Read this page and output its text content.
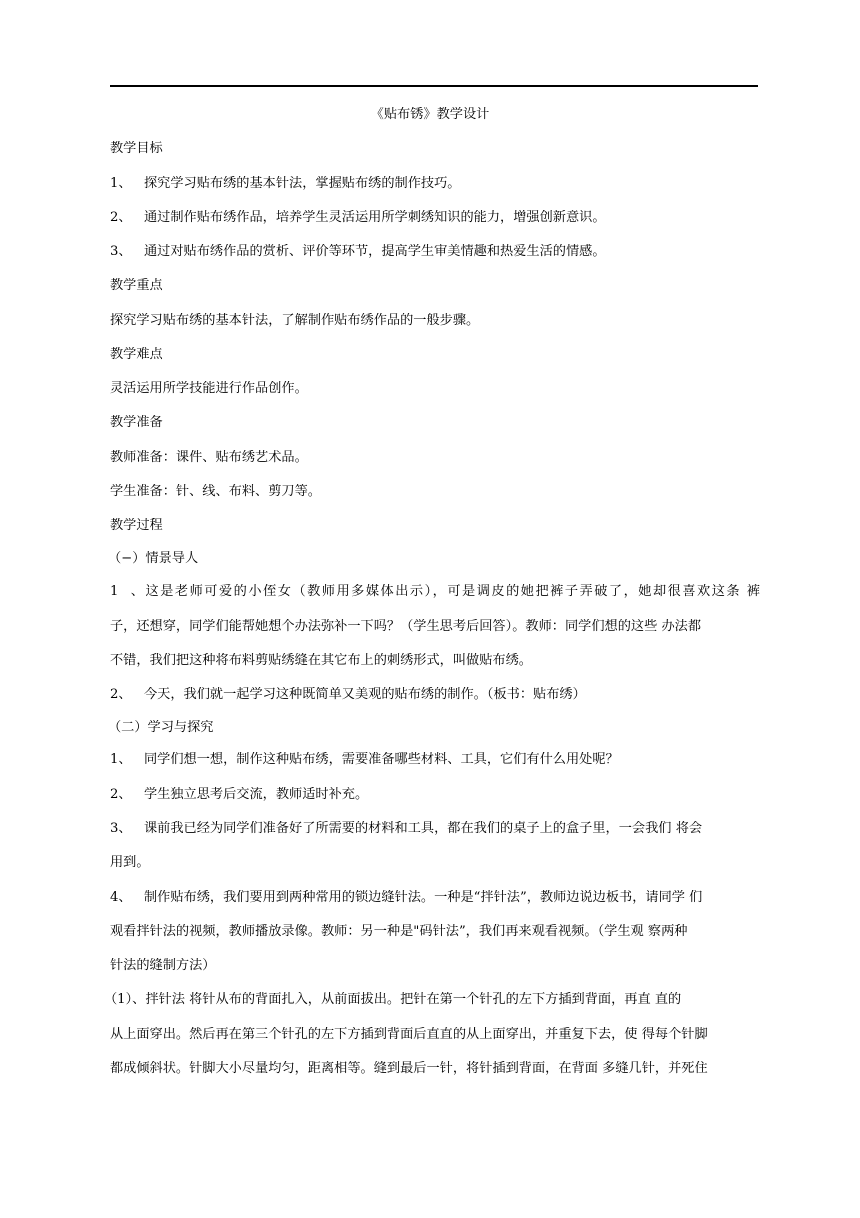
《贴布锈》教学设计
教学目标
1、 探究学习贴布绣的基本针法，掌握贴布绣的制作技巧。
2、 通过制作贴布绣作品，培养学生灵活运用所学刺绣知识的能力，增强创新意识。
3、 通过对贴布绣作品的赏析、评价等环节，提高学生审美情趣和热爱生活的情感。
教学重点
探究学习贴布绣的基本针法，了解制作贴布绣作品的一般步骤。
教学难点
灵活运用所学技能进行作品创作。
教学准备
教师准备：课件、贴布绣艺术品。
学生准备：针、线、布料、剪刀等。
教学过程
（−）情景导人
1、这是老师可爱的小侄女（教师用多媒体出示），可是调皮的她把裤子弄破了，她却很喜欢这条 裤
子，还想穿，同学们能帮她想个办法弥补一下吗？（学生思考后回答）。教师：同学们想的这些 办法都
不错，我们把这种将布料剪贴绣缝在其它布上的刺绣形式，叫做贴布绣。
2、 今天，我们就一起学习这种既简单又美观的贴布绣的制作。（板书：贴布绣）
（二）学习与探究
1、 同学们想一想，制作这种贴布绣，需要准备哪些材料、工具，它们有什么用处呢？
2、 学生独立思考后交流，教师适时补充。
3、 课前我已经为同学们准备好了所需要的材料和工具，都在我们的桌子上的盒子里，一会我们 将会
用到。
4、 制作贴布绣，我们要用到两种常用的锁边缝针法。一种是“拌针法”，教师边说边板书，请同学 们
观看拌针法的视频，教师播放录像。教师：另一种是"码针法”，我们再来观看视频。（学生观 察两种
针法的缝制方法）
（1）、拌针法 将针从布的背面扎入，从前面拔出。把针在第一个针孔的左下方插到背面，再直 直的
从上面穿出。然后再在第三个针孔的左下方插到背面后直直的从上面穿出，并重复下去，使 得每个针脚
都成倾斜状。针脚大小尽量均匀，距离相等。缝到最后一针，将针插到背面，在背面 多缝几针，并死住
